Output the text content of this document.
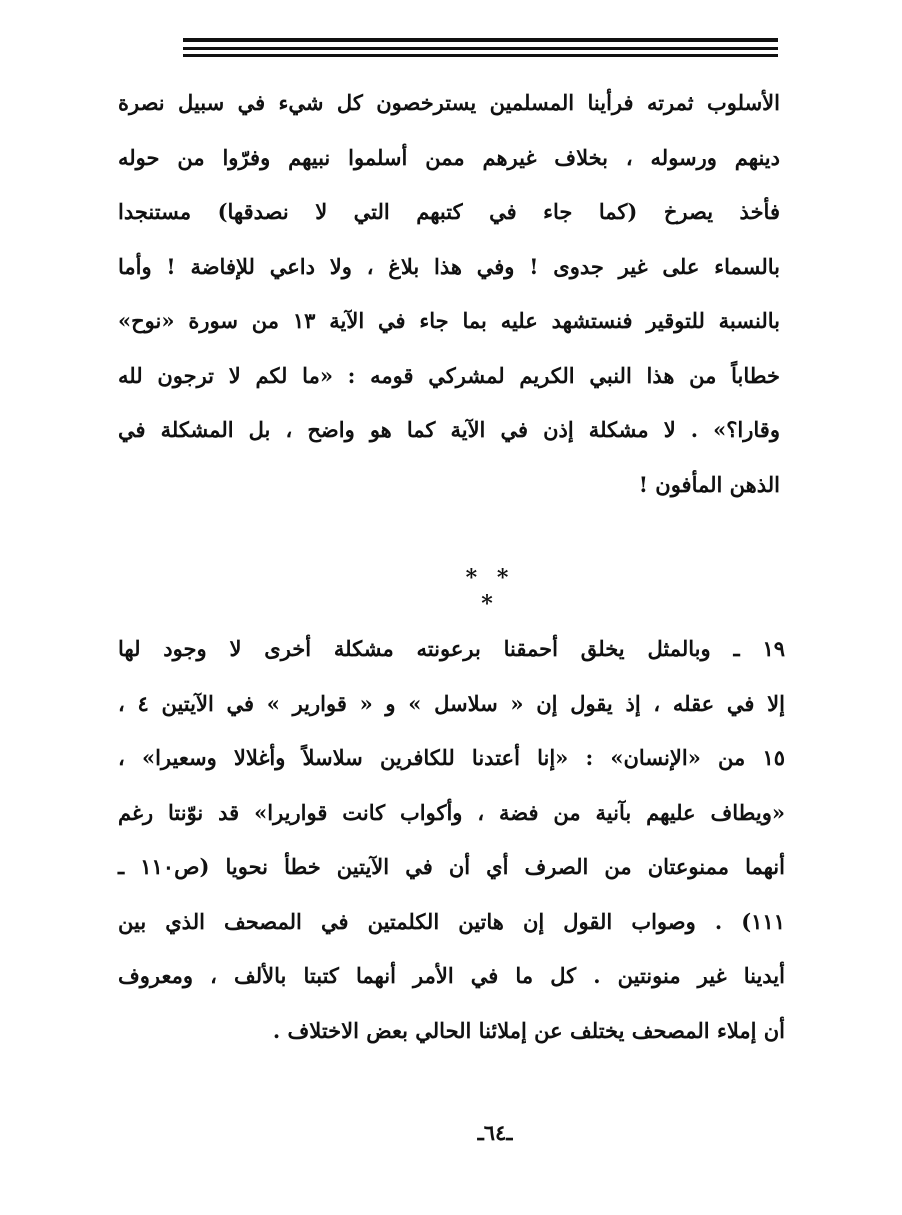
الأسلوب ثمرته فرأينا المسلمين يسترخصون كل شيء في سبيل نصرة
دينهم ورسوله ، بخلاف غيرهم ممن أسلموا نبيهم وفرّوا من حوله
فأخذ يصرخ (كما جاء في كتبهم التي لا نصدقها) مستنجدا
بالسماء على غير جدوى ! وفي هذا بلاغ ، ولا داعي للإفاضة ! وأما
بالنسبة للتوقير فنستشهد عليه بما جاء في الآية ١٣ من سورة «نوح»
خطاباً من هذا النبي الكريم لمشركي قومه : «ما لكم لا ترجون لله
وقارا؟» . لا مشكلة إذن في الآية كما هو واضح ، بل المشكلة في
الذهن المأفون !
* * *
١٩ ـ وبالمثل يخلق أحمقنا برعونته مشكلة أخرى لا وجود لها
إلا في عقله ، إذ يقول إن « سلاسل » و « قوارير » في الآيتين ٤ ،
١٥ من «الإنسان» : «إنا أعتدنا للكافرين سلاسلاً وأغلالا وسعيرا» ،
«ويطاف عليهم بآنية من فضة ، وأكواب كانت قواريرا» قد نوّنتا رغم
أنهما ممنوعتان من الصرف أي أن في الآيتين خطأ نحويا (ص١١٠ ـ
١١١) . وصواب القول إن هاتين الكلمتين في المصحف الذي بين
أيدينا غير منونتين . كل ما في الأمر أنهما كتبتا بالألف ، ومعروف
أن إملاء المصحف يختلف عن إملائنا الحالي بعض الاختلاف .
ـ٦٤ـ
